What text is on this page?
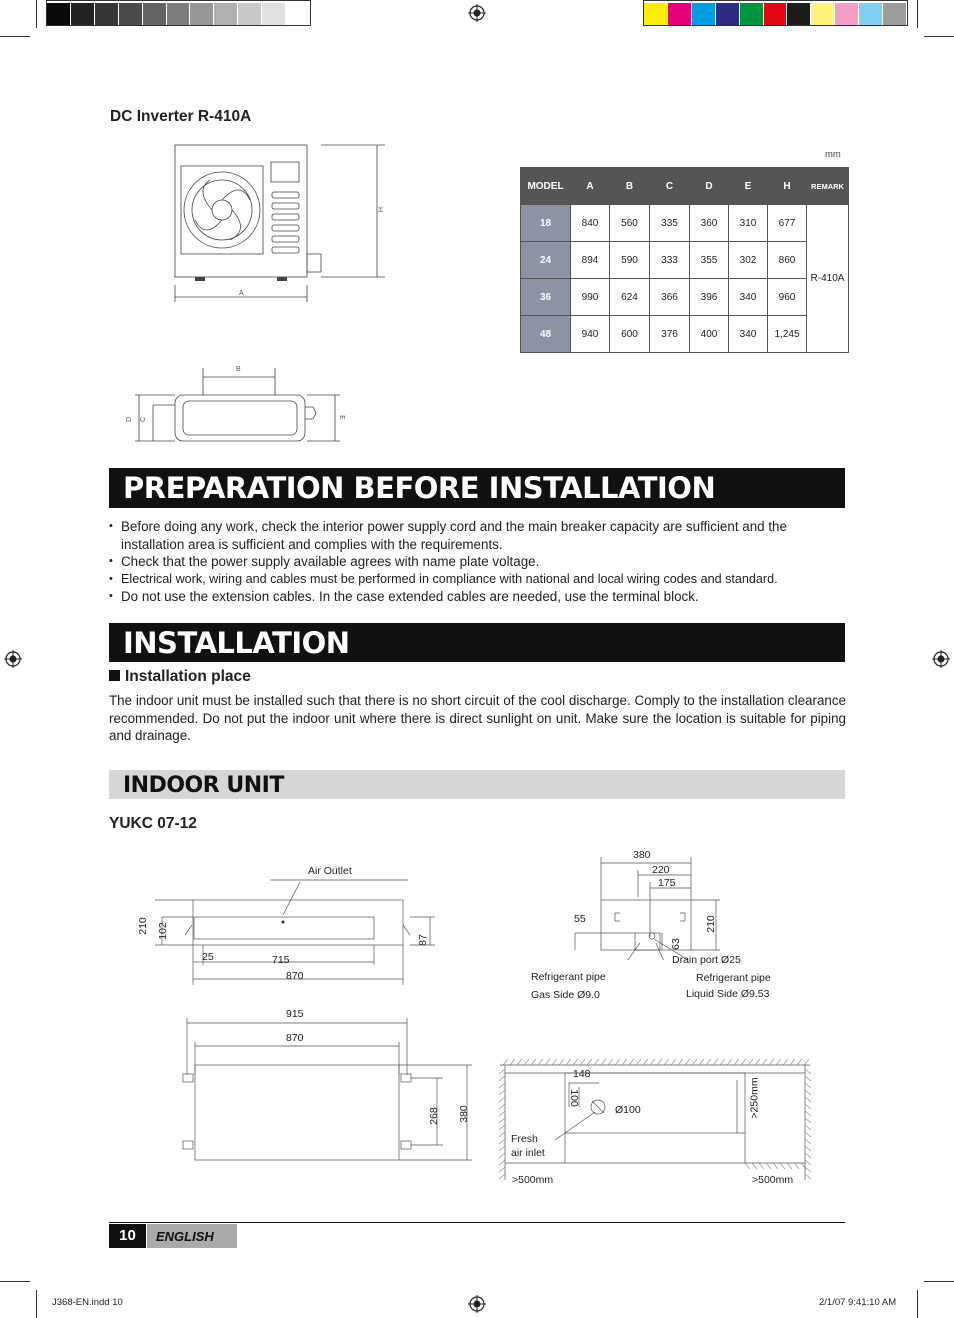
DC Inverter R-410A
H
A
B
D C	E
mm
MODEL	A	B	C	D	E	H	REMARK
18	840	560	335	360	310	677	R-410A
24	894	590	333	355	302	860	
36	990	624	366	396	340	960	
48	940	600	376	400	340	1,245	
PREPARATION BEFORE INSTALLATION
• Before doing any work, check the interior power supply cord and the main breaker capacity are sufficient and the installation area is sufficient and complies with the requirements.
• Check that the power supply available agrees with name plate voltage.
• Electrical work, wiring and cables must be performed in compliance with national and local wiring codes and standard.
• Do not use the extension cables. In the case extended cables are needed, use the terminal block.
INSTALLATION
Installation place
The indoor unit must be installed such that there is no short circuit of the cool discharge. Comply to the installation clearance recommended. Do not put the indoor unit where there is direct sunlight on unit. Make sure the location is suitable for piping and drainage.
INDOOR UNIT
YUKC 07-12
Air Outlet
210 102
87
25	715
870
380
220
175
55	210
63
Drain port Ø25
Refrigerant pipe
Gas Side Ø9.0
Refrigerant pipe
Liquid Side Ø9.53
915
870
268 380
148
100
Ø100	>250mm
Fresh
air inlet
>500mm	>500mm
10	ENGLISH
J368-EN.indd 10	2/1/07 9:41:10 AM
